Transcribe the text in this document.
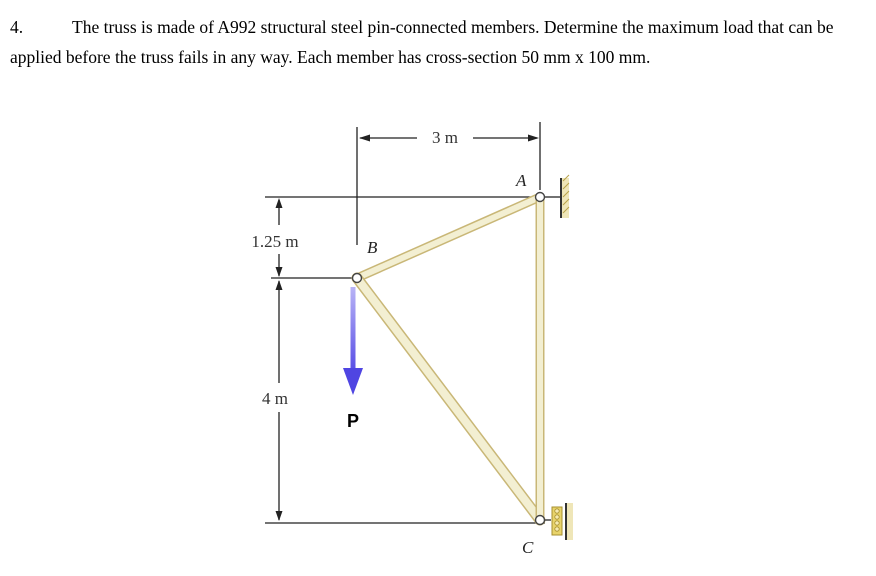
4.	The truss is made of A992 structural steel pin-connected members. Determine the maximum load that can be applied before the truss fails in any way. Each member has cross-section 50 mm x 100 mm.
3 m
1.25 m
4 m
P
B
A
C
